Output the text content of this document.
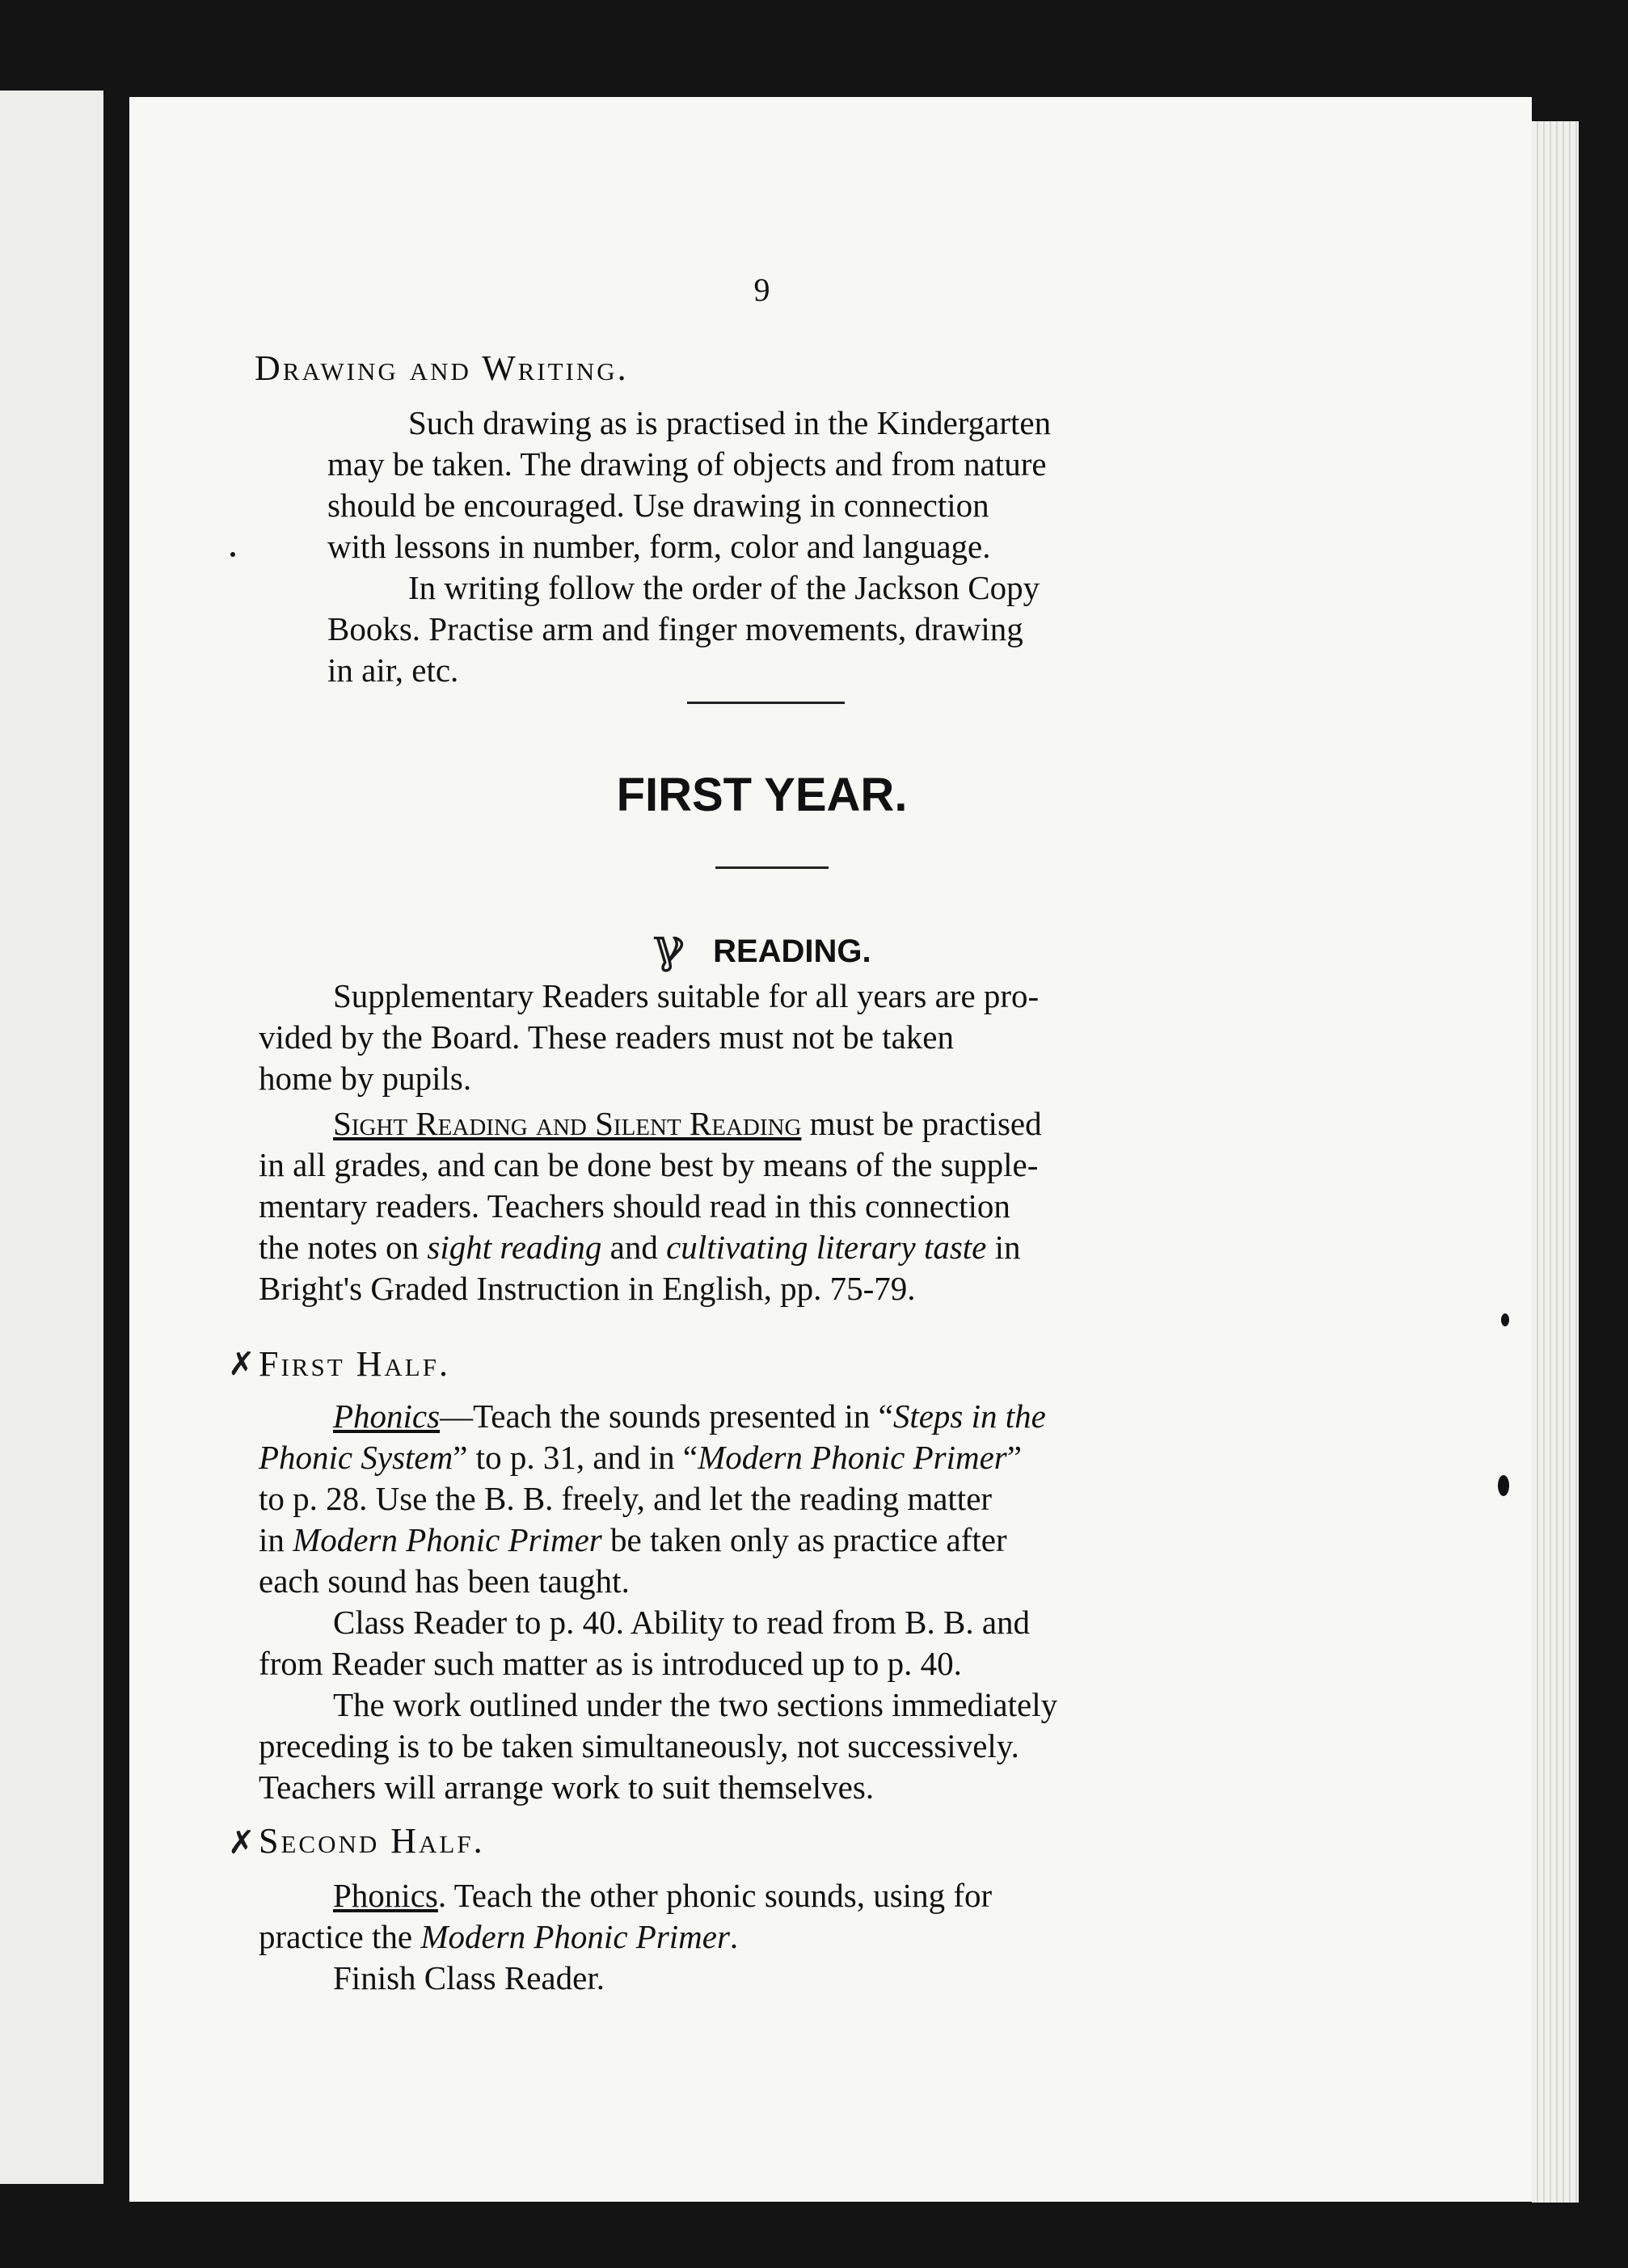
9
Drawing and Writing.
Such drawing as is practised in the Kindergarten
may be taken. The drawing of objects and from nature
should be encouraged. Use drawing in connection
with lessons in number, form, color and language.
In writing follow the order of the Jackson Copy
Books. Practise arm and finger movements, drawing
in air, etc.
FIRST YEAR.
ℽ READING.
Supplementary Readers suitable for all years are pro-
vided by the Board. These readers must not be taken
home by pupils.
Sight Reading and Silent Reading must be practised
in all grades, and can be done best by means of the supple-
mentary readers. Teachers should read in this connection
the notes on sight reading and cultivating literary taste in
Bright's Graded Instruction in English, pp. 75-79.
✗ First Half.
Phonics—Teach the sounds presented in “Steps in the
Phonic System” to p. 31, and in “Modern Phonic Primer”
to p. 28. Use the B. B. freely, and let the reading matter
in Modern Phonic Primer be taken only as practice after
each sound has been taught.
Class Reader to p. 40. Ability to read from B. B. and
from Reader such matter as is introduced up to p. 40.
The work outlined under the two sections immediately
preceding is to be taken simultaneously, not successively.
Teachers will arrange work to suit themselves.
✗ Second Half.
Phonics. Teach the other phonic sounds, using for
practice the Modern Phonic Primer.
Finish Class Reader.
